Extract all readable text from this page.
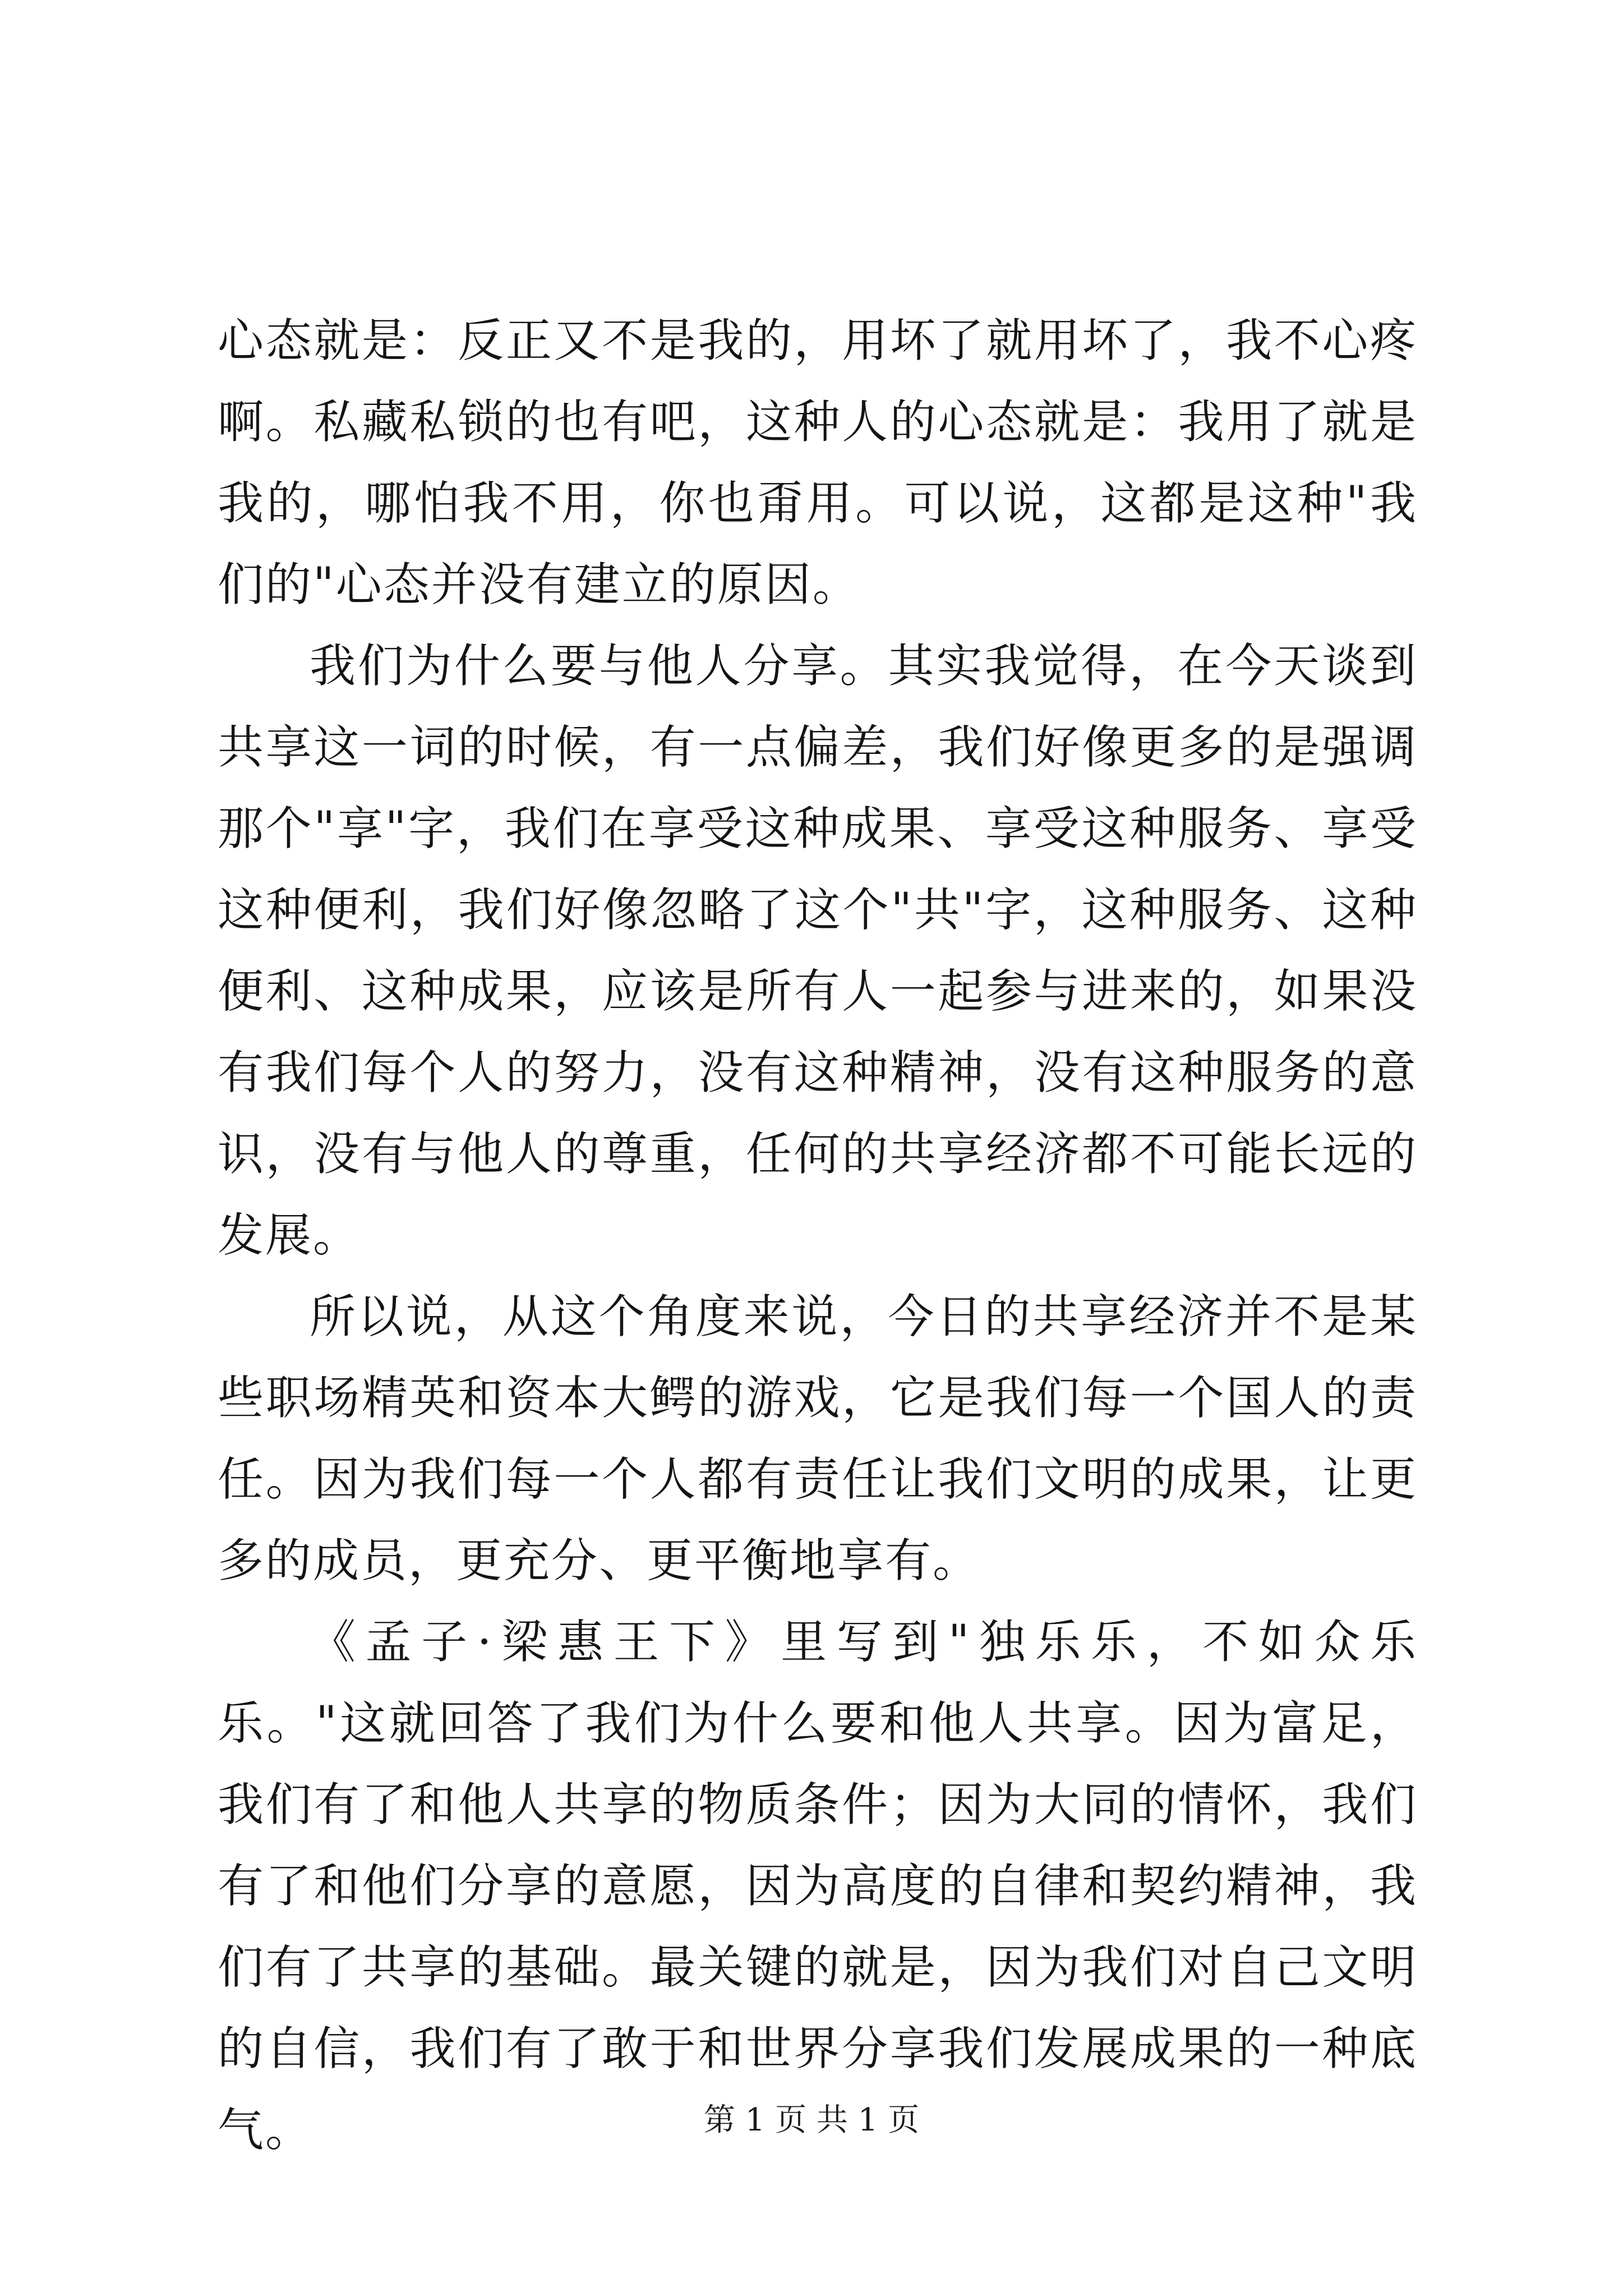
心态就是：反正又不是我的，用坏了就用坏了，我不心疼啊。私藏私锁的也有吧，这种人的心态就是：我用了就是我的，哪怕我不用，你也甭用。可以说，这都是这种"我们的"心态并没有建立的原因。

我们为什么要与他人分享。其实我觉得，在今天谈到共享这一词的时候，有一点偏差，我们好像更多的是强调那个"享"字，我们在享受这种成果、享受这种服务、享受这种便利，我们好像忽略了这个"共"字，这种服务、这种便利、这种成果，应该是所有人一起参与进来的，如果没有我们每个人的努力，没有这种精神，没有这种服务的意识，没有与他人的尊重，任何的共享经济都不可能长远的发展。

所以说，从这个角度来说，今日的共享经济并不是某些职场精英和资本大鳄的游戏，它是我们每一个国人的责任。因为我们每一个人都有责任让我们文明的成果，让更多的成员，更充分、更平衡地享有。

《孟子·梁惠王下》里写到"独乐乐，不如众乐乐。"这就回答了我们为什么要和他人共享。因为富足，我们有了和他人共享的物质条件；因为大同的情怀，我们有了和他们分享的意愿，因为高度的自律和契约精神，我们有了共享的基础。最关键的就是，因为我们对自己文明的自信，我们有了敢于和世界分享我们发展成果的一种底气。	第 1 页 共 1 页
